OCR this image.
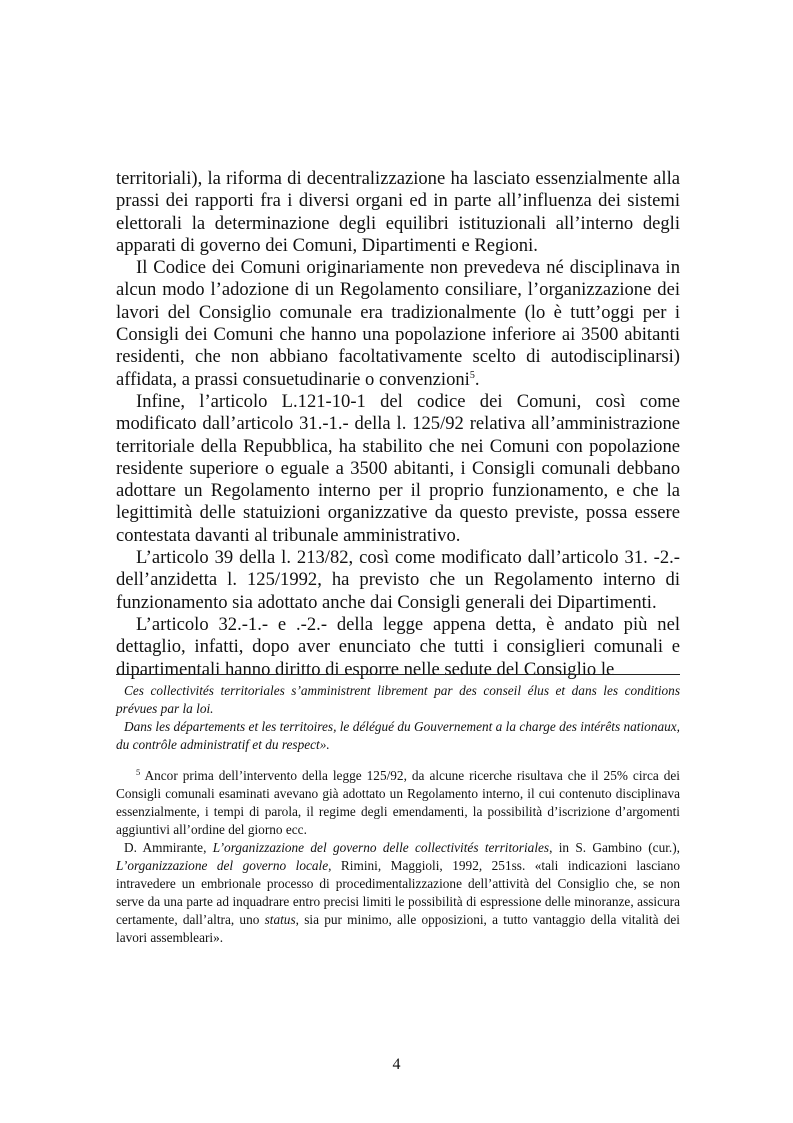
territoriali), la riforma di decentralizzazione ha lasciato essenzialmente alla prassi dei rapporti fra i diversi organi ed in parte all’influenza dei sistemi elettorali la determinazione degli equilibri istituzionali all’interno degli apparati di governo dei Comuni, Dipartimenti e Regioni.

Il Codice dei Comuni originariamente non prevedeva né disciplinava in alcun modo l’adozione di un Regolamento consiliare, l’organizzazione dei lavori del Consiglio comunale era tradizionalmente (lo è tutt’oggi per i Consigli dei Comuni che hanno una popolazione inferiore ai 3500 abitanti residenti, che non abbiano facoltativamente scelto di autodisciplinarsi) affidata, a prassi consuetudinarie o convenzioni$^5$.

Infine, l’articolo L.121-10-1 del codice dei Comuni, così come modificato dall’articolo 31.-1.- della l. 125/92 relativa all’amministrazione territoriale della Repubblica, ha stabilito che nei Comuni con popolazione residente superiore o eguale a 3500 abitanti, i Consigli comunali debbano adottare un Regolamento interno per il proprio funzionamento, e che la legittimità delle statuizioni organizzative da questo previste, possa essere contestata davanti al tribunale amministrativo.

L’articolo 39 della l. 213/82, così come modificato dall’articolo 31. -2.- dell’anzidetta l. 125/1992, ha previsto che un Regolamento interno di funzionamento sia adottato anche dai Consigli generali dei Dipartimenti.

L’articolo 32.-1.- e .-2.- della legge appena detta, è andato più nel dettaglio, infatti, dopo aver enunciato che tutti i consiglieri comunali e dipartimentali hanno diritto di esporre nelle sedute del Consiglio le

Ces collectivités territoriales s’amministrent librement par des conseil élus et dans les conditions prévues par la loi.

Dans les départements et les territoires, le délégué du Gouvernement a la charge des intérêts nationaux, du contrôle administratif et du respect».

$^5$ Ancor prima dell’intervento della legge 125/92, da alcune ricerche risultava che il 25% circa dei Consigli comunali esaminati avevano già adottato un Regolamento interno, il cui contenuto disciplinava essenzialmente, i tempi di parola, il regime degli emendamenti, la possibilità d’iscrizione d’argomenti aggiuntivi all’ordine del giorno ecc.

D. Ammirante, L’organizzazione del governo delle collectivités territoriales, in S. Gambino (cur.), L’organizzazione del governo locale, Rimini, Maggioli, 1992, 251ss. «tali indicazioni lasciano intravedere un embrionale processo di procedimentalizzazione dell’attività del Consiglio che, se non serve da una parte ad inquadrare entro precisi limiti le possibilità di espressione delle minoranze, assicura certamente, dall’altra, uno status, sia pur minimo, alle opposizioni, a tutto vantaggio della vitalità dei lavori assembleari».

4
